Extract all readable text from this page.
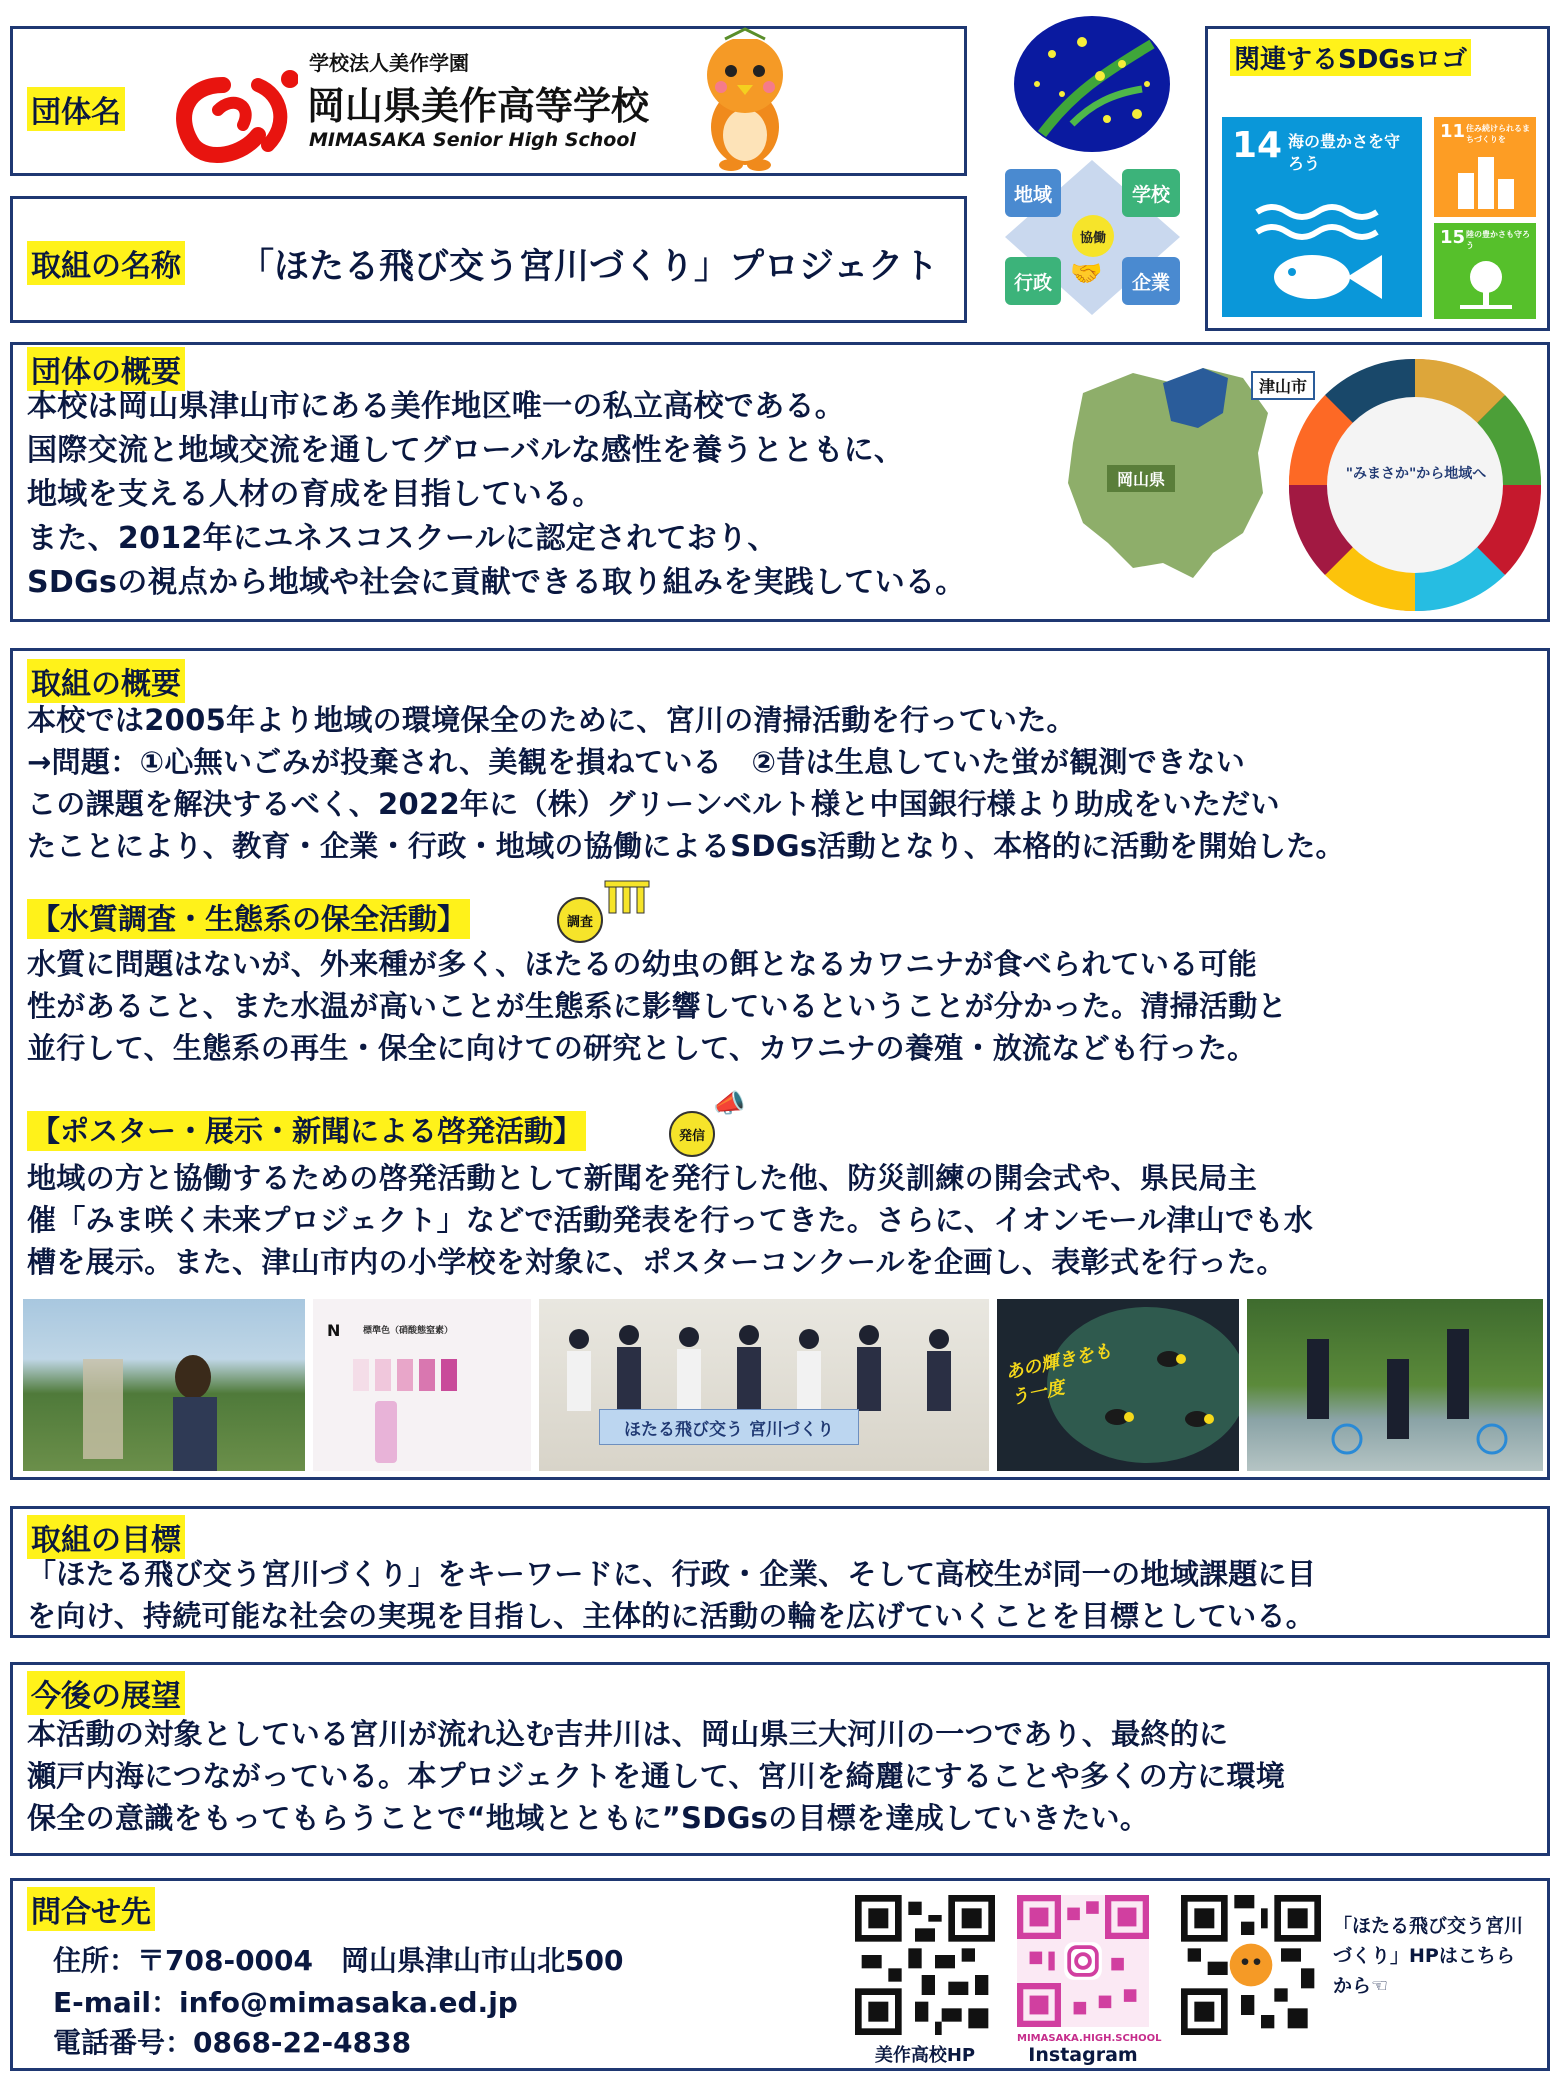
団体名
学校法人美作学園
岡山県美作高等学校
MIMASAKA Senior High School
取組の名称 「ほたる飛び交う宮川づくり」プロジェクト
地域	学校
行政	企業
協働
🤝
関連するSDGsロゴ
14 海の豊かさを守ろう
11 住み続けられるまちづくりを
15 陸の豊かさも守ろう
団体の概要
本校は岡山県津山市にある美作地区唯一の私立高校である。
国際交流と地域交流を通してグローバルな感性を養うとともに、
地域を支える人材の育成を目指している。
また、2012年にユネスコスクールに認定されており、
SDGsの視点から地域や社会に貢献できる取り組みを実践している。
津山市
岡山県	"みまさか"から地域へ
取組の概要
本校では2005年より地域の環境保全のために、宮川の清掃活動を行っていた。
→問題：①心無いごみが投棄され、美観を損ねている　②昔は生息していた蛍が観測できない
この課題を解決するべく、2022年に（株）グリーンベルト様と中国銀行様より助成をいただい
たことにより、教育・企業・行政・地域の協働によるSDGs活動となり、本格的に活動を開始した。
【水質調査・生態系の保全活動】	調査
水質に問題はないが、外来種が多く、ほたるの幼虫の餌となるカワニナが食べられている可能
性があること、また水温が高いことが生態系に影響しているということが分かった。清掃活動と
並行して、生態系の再生・保全に向けての研究として、カワニナの養殖・放流なども行った。
【ポスター・展示・新聞による啓発活動】	発信
📣
地域の方と協働するための啓発活動として新聞を発行した他、防災訓練の開会式や、県民局主
催「みま咲く未来プロジェクト」などで活動発表を行ってきた。さらに、イオンモール津山でも水
槽を展示。また、津山市内の小学校を対象に、ポスターコンクールを企画し、表彰式を行った。
N	標準色（硝酸態窒素）
ほたる飛び交う 宮川づくり
あの輝きをもう一度
取組の目標
「ほたる飛び交う宮川づくり」をキーワードに、行政・企業、そして高校生が同一の地域課題に目
を向け、持続可能な社会の実現を目指し、主体的に活動の輪を広げていくことを目標としている。
今後の展望
本活動の対象としている宮川が流れ込む吉井川は、岡山県三大河川の一つであり、最終的に
瀬戸内海につながっている。本プロジェクトを通して、宮川を綺麗にすることや多くの方に環境
保全の意識をもってもらうことで“地域とともに”SDGsの目標を達成していきたい。
問合せ先
住所：〒708-0004　岡山県津山市山北500
E-mail：info@mimasaka.ed.jp
電話番号：0868-22-4838	美作高校HP
MIMASAKA.HIGH.SCHOOL
Instagram
「ほたる飛び交う宮川づくり」HPはこちらから☜
